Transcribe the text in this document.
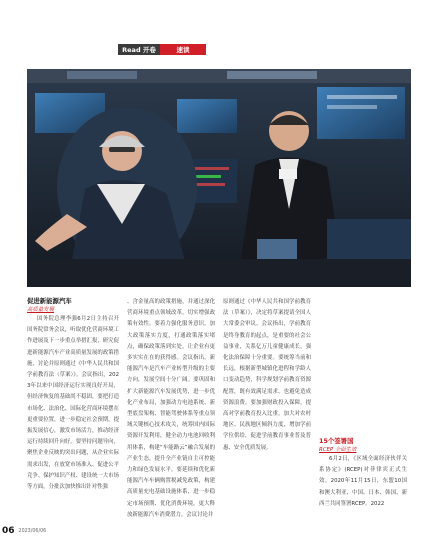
Read 开卷	速读
促进新能源汽车
高质量发展
国务院总理李强6月2日主持召开国务院常务会议，听取优化营商环境工作进展及下一步重点举措汇报，研究促进新能源汽车产业高质量发展的政策措施，讨论并原则通过《中华人民共和国学前教育法（草案）》。会议指出，2023年以来中国经济运行实现良好开局，但经济恢复的基础尚不稳固，要把打造市场化、法治化、国际化营商环境摆在更重要位置，进一步稳定社会预期，提振发展信心，激发市场活力，推动经济运行持续回升向好。要坚持问题导向，聚焦企业反映的突出问题，从企业实际需求出发，在放宽市场准入、促进公平竞争、保护知识产权、建设统一大市场等方面，分批次加快推出针对性强
、含金量高的政策措施，并通过深化营商环境重点领域改革，切实增强政策有效性。要着力强化服务意识，加大政策落实力度，打通政策落实堵点，确保政策落到实处，让企业有更多实实在在的获得感。会议指出，新能源汽车是汽车产业转型升级的主要方向，发展空间十分广阔。要巩固和扩大新能源汽车发展优势，进一步优化产业布局，加强动力电池系统、新型底盘架构、智能驾驶体系等重点领域关键核心技术攻关，统筹国内国际资源开发利用，健全动力电池回收利用体系，构建“车能路云”融合发展的产业生态，提升全产业链自主可控能力和绿色发展水平。要延续和优化新能源汽车车辆购置税减免政策，构建高质量充电基础设施体系，进一步稳定市场预期、优化消费环境，更大释放新能源汽车消费潜力。会议讨论并
原则通过《中华人民共和国学前教育法（草案）》，决定将草案提请全国人大常委会审议。会议指出，学前教育是终身教育的起点，是重要的社会公益事业，关系亿万儿童健康成长，强化法治保障十分重要。要统筹当前和长远，根据新型城镇化进程和学龄人口变动趋势，科学规划学前教育资源配置，既有效满足需求，也避免造成资源浪费。要加强财政投入保障，提高对学前教育投入比重，加大对农村地区、民族地区倾斜力度，增加学前学位供给，促进学前教育事业普及普惠、安全优质发展。
15个签署国
RCEP 全面生效
6月2日，《区域全面经济伙伴关系协定》(RCEP)对菲律宾正式生效。2020年11月15日，东盟10国和澳大利亚、中国、日本、韩国、新西兰共同签署RCEP。2022
06 2023/06/06
